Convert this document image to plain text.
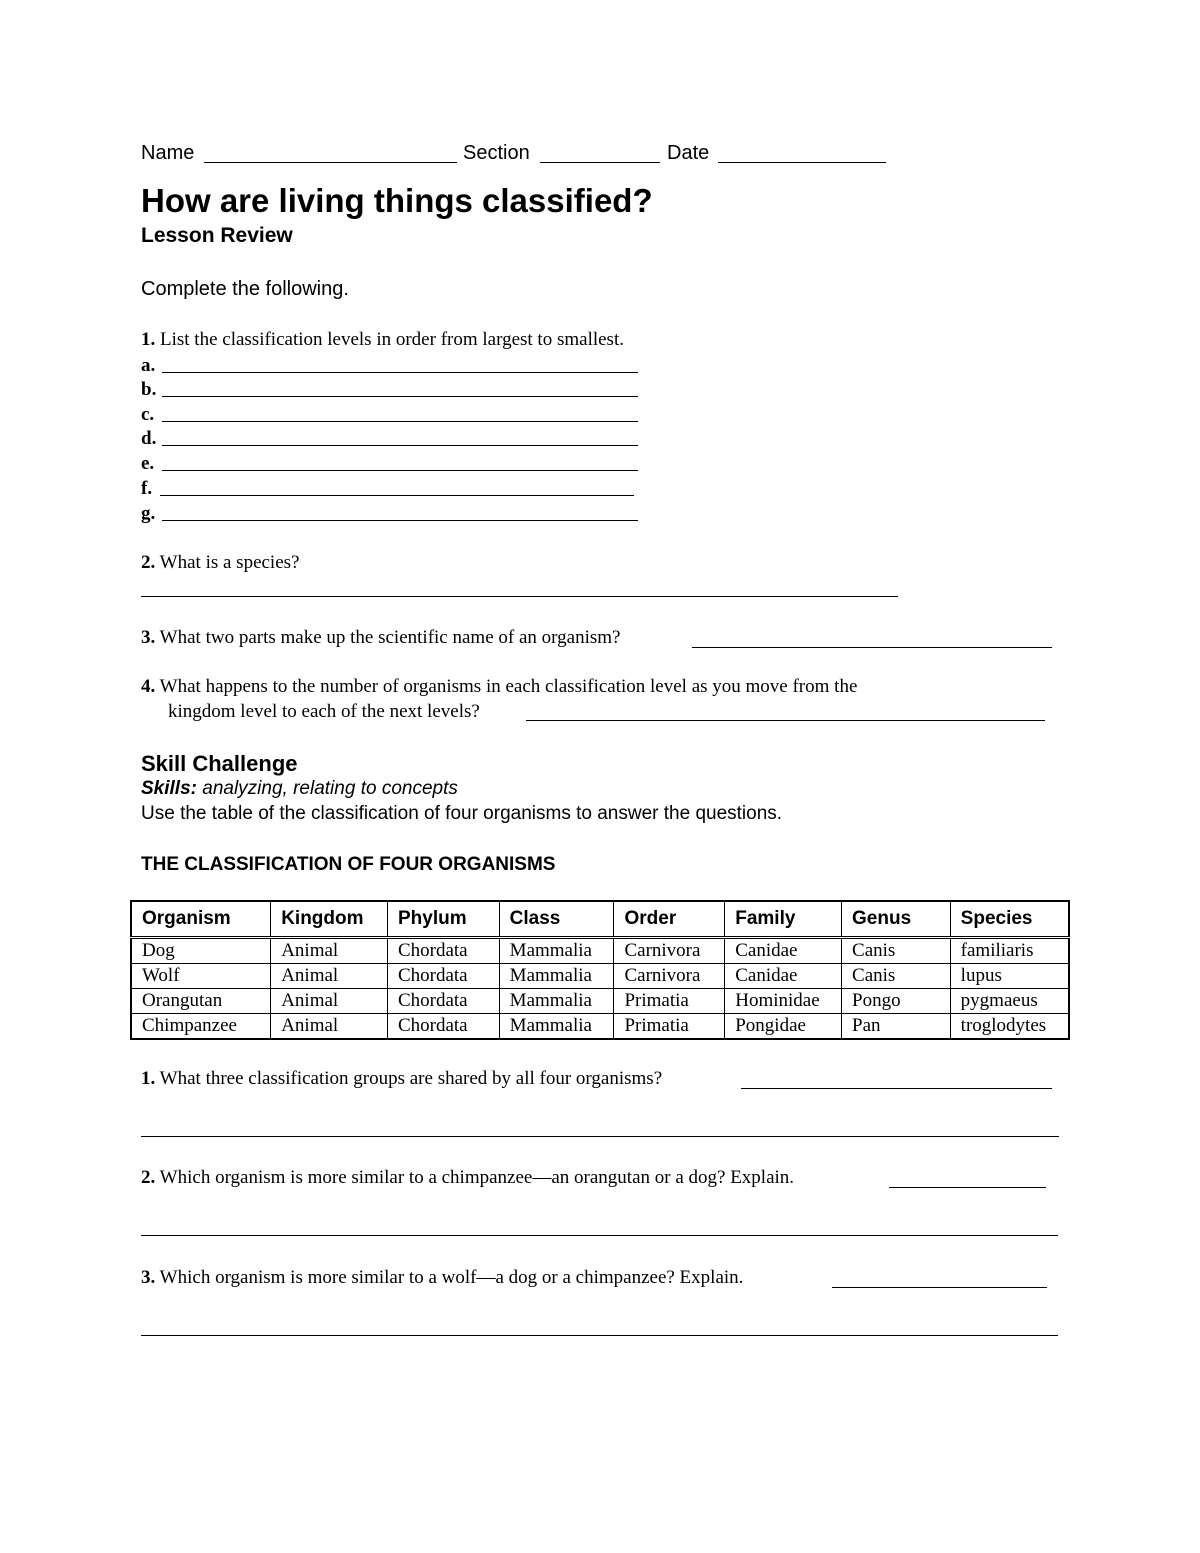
Name	Section	Date
How are living things classified?
Lesson Review
Complete the following.
1. List the classification levels in order from largest to smallest.
a.
b.
c.
d.
e.
f.
g.
2. What is a species?
3. What two parts make up the scientific name of an organism?
4. What happens to the number of organisms in each classification level as you move from the
kingdom level to each of the next levels?
Skill Challenge
Skills: analyzing, relating to concepts
Use the table of the classification of four organisms to answer the questions.
THE CLASSIFICATION OF FOUR ORGANISMS
Organism	Kingdom	Phylum	Class	Order	Family	Genus	Species
Dog	Animal	Chordata	Mammalia	Carnivora	Canidae	Canis	familiaris
Wolf	Animal	Chordata	Mammalia	Carnivora	Canidae	Canis	lupus
Orangutan	Animal	Chordata	Mammalia	Primatia	Hominidae	Pongo	pygmaeus
Chimpanzee	Animal	Chordata	Mammalia	Primatia	Pongidae	Pan	troglodytes
1. What three classification groups are shared by all four organisms?
2. Which organism is more similar to a chimpanzee—an orangutan or a dog? Explain.
3. Which organism is more similar to a wolf—a dog or a chimpanzee? Explain.
